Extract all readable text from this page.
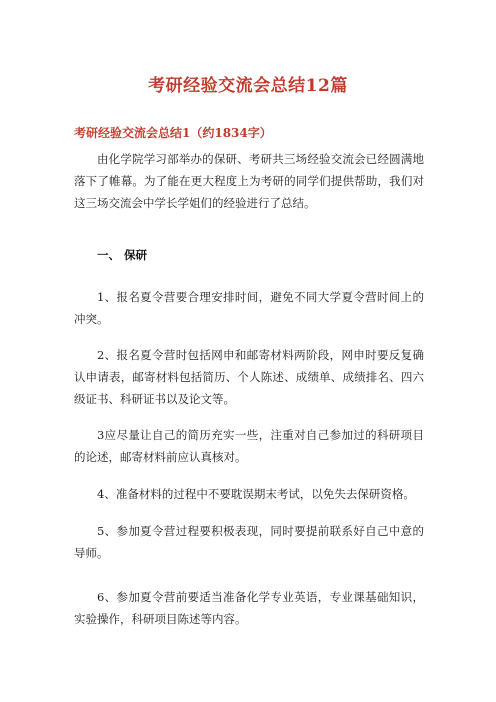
考研经验交流会总结12篇
考研经验交流会总结1（约1834字）

由化学院学习部举办的保研、考研共三场经验交流会已经圆满地落下了帷幕。为了能在更大程度上为考研的同学们提供帮助，我们对这三场交流会中学长学姐们的经验进行了总结。

一、 保研

1、报名夏令营要合理安排时间，避免不同大学夏令营时间上的冲突。

2、报名夏令营时包括网申和邮寄材料两阶段，网申时要反复确认申请表，邮寄材料包括简历、个人陈述、成绩单、成绩排名、四六级证书、科研证书以及论文等。

3应尽量让自己的简历充实一些，注重对自己参加过的科研项目的论述，邮寄材料前应认真核对。

4、准备材料的过程中不要耽误期末考试，以免失去保研资格。

5、参加夏令营过程要积极表现，同时要提前联系好自己中意的导师。

6、参加夏令营前要适当准备化学专业英语，专业课基础知识，实验操作，科研项目陈述等内容。
